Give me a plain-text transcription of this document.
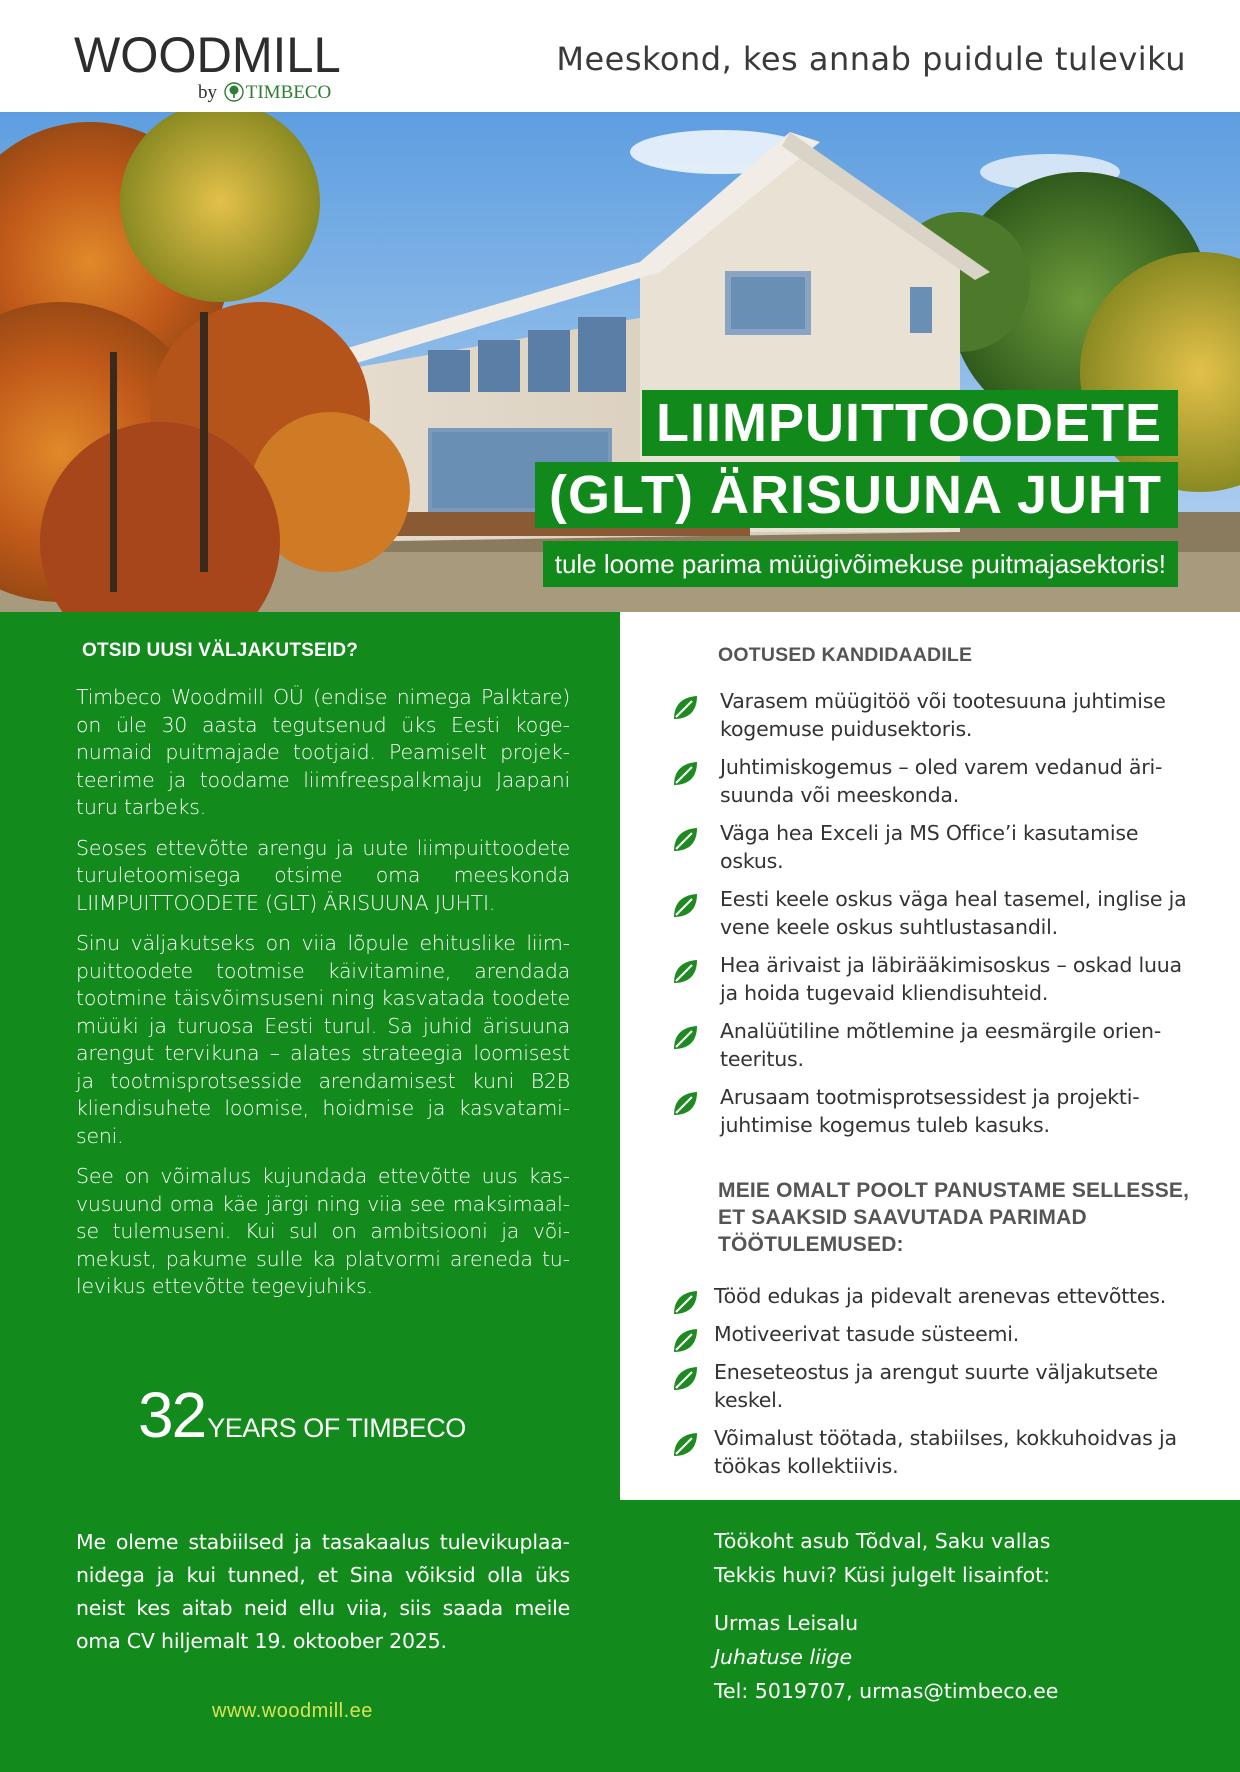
WOODMILL
by TIMBECO
Meeskond, kes annab puidule tuleviku
LIIMPUITTOODETE
(GLT) ÄRISUUNA JUHT
tule loome parima müügivõimekuse puitmajasektoris!
OTSID UUSI VÄLJAKUTSEID?

Timbeco Woodmill OÜ (endise nimega Palktare) on üle 30 aasta tegutsenud üks Eesti kogenumaid puitmajade tootjaid. Peamiselt projekteerime ja toodame liimfreespalkmaju Jaapani turu tarbeks.

Seoses ettevõtte arengu ja uute liimpuittoodete turuletoomisega otsime oma meeskonda LIIMPUITTOODETE (GLT) ÄRISUUNA JUHTI.

Sinu väljakutseks on viia lõpule ehituslike liimpuittoodete tootmise käivitamine, arendada tootmine täisvõimsuseni ning kasvatada toodete müüki ja turuosa Eesti turul. Sa juhid ärisuuna arengut tervikuna – alates strateegia loomisest ja tootmisprotsesside arendamisest kuni B2B kliendisuhete loomise, hoidmise ja kasvatamiseni.

See on võimalus kujundada ettevõtte uus kasvusuund oma käe järgi ning viia see maksimaalse tulemuseni. Kui sul on ambitsiooni ja võimekust, pakume sulle ka platvormi areneda tulevikus ettevõtte tegevjuhiks.

32YEARS OF TIMBECO
Me oleme stabiilsed ja tasakaalus tulevikuplaanidega ja kui tunned, et Sina võiksid olla üks neist kes aitab neid ellu viia, siis saada meile oma CV hiljemalt 19. oktoober 2025.
www.woodmill.ee
OOTUSED KANDIDAADILE
Varasem müügitöö või tootesuuna juhtimise kogemuse puidusektoris.
Juhtimiskogemus – oled varem vedanud ärisuunda või meeskonda.
Väga hea Exceli ja MS Office’i kasutamise oskus.
Eesti keele oskus väga heal tasemel, inglise ja vene keele oskus suhtlustasandil.
Hea ärivaist ja läbirääkimisoskus – oskad luua ja hoida tugevaid kliendisuhteid.
Analüütiline mõtlemine ja eesmärgile orienteeritus.
Arusaam tootmisprotsessidest ja projektijuhtimise kogemus tuleb kasuks.
MEIE OMALT POOLT PANUSTAME SELLESSE, ET SAAKSID SAAVUTADA PARIMAD TÖÖTULEMUSED:
Tööd edukas ja pidevalt arenevas ettevõttes.
Motiveerivat tasude süsteemi.
Eneseteostus ja arengut suurte väljakutsete keskel.
Võimalust töötada, stabiilses, kokkuhoidvas ja töökas kollektiivis.
Töökoht asub Tõdval, Saku vallas
Tekkis huvi? Küsi julgelt lisainfot:
Urmas Leisalu
Juhatuse liige
Tel: 5019707, urmas@timbeco.ee
